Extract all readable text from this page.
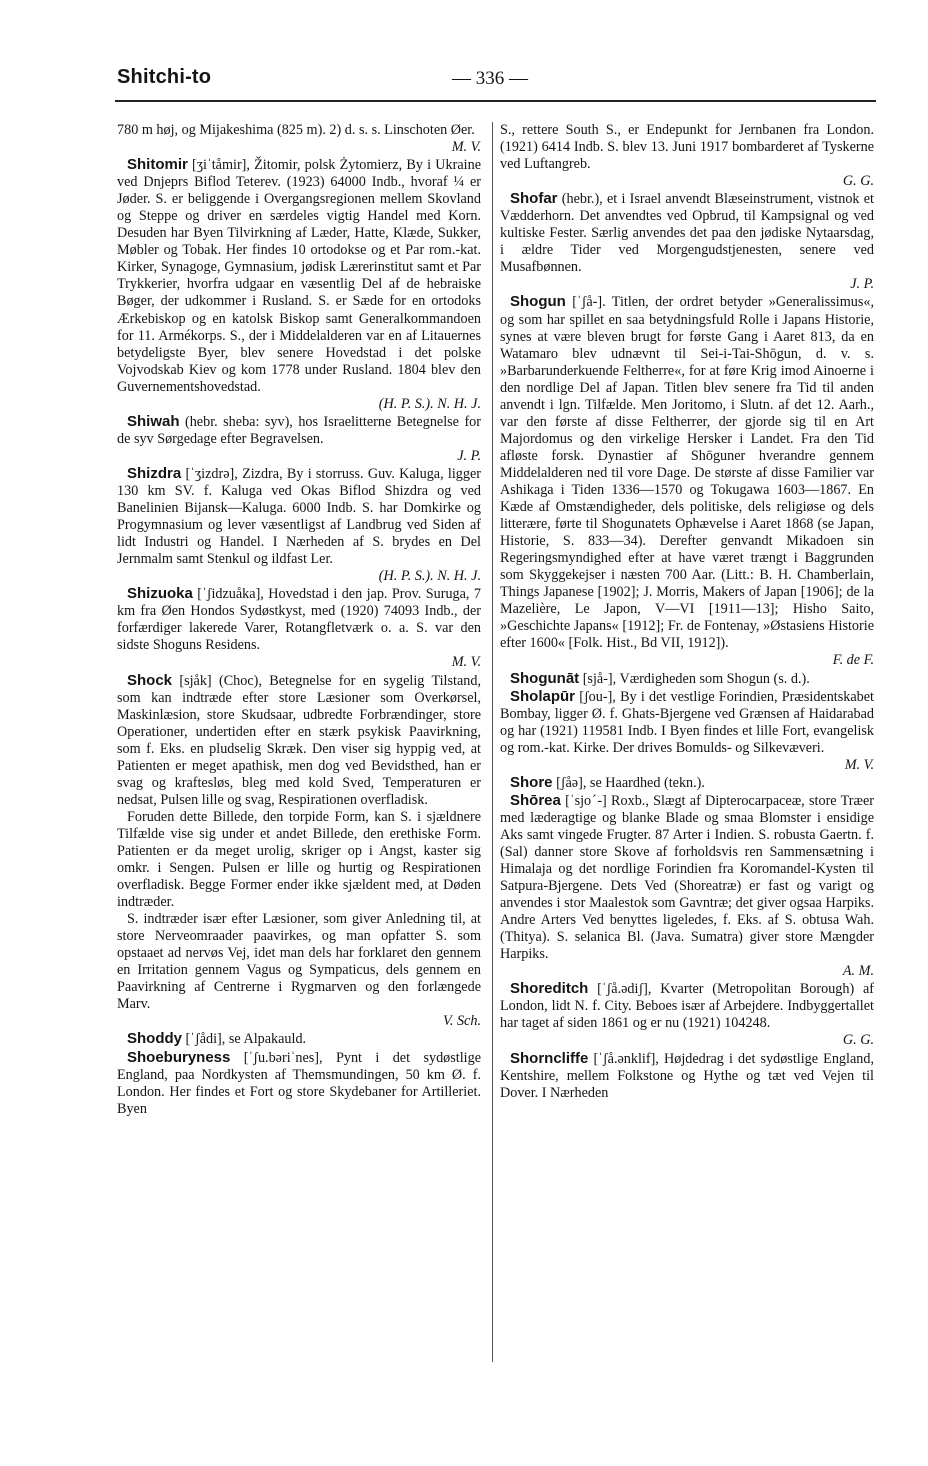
Shitchi-to	— 336 —

780 m høj, og Mijakeshima (825 m). 2) d. s. s. Linschoten Øer.

M. V.

Shitomir [ʒiˈtåmir], Žitomir, polsk Żytomierz, By i Ukraine ved Dnjeprs Biflod Teterev. (1923) 64000 Indb., hvoraf ¼ er Jøder. S. er beliggende i Overgangsregionen mellem Skovland og Steppe og driver en særdeles vigtig Handel med Korn. Desuden har Byen Tilvirkning af Læder, Hatte, Klæde, Sukker, Møbler og Tobak. Her findes 10 ortodokse og et Par rom.-kat. Kirker, Synagoge, Gymnasium, jødisk Lærerinstitut samt et Par Trykkerier, hvorfra udgaar en væsentlig Del af de hebraiske Bøger, der udkommer i Rusland. S. er Sæde for en ortodoks Ærkebiskop og en katolsk Biskop samt Generalkommandoen for 11. Armékorps. S., der i Middelalderen var en af Litauernes betydeligste Byer, blev senere Hovedstad i det polske Vojvodskab Kiev og kom 1778 under Rusland. 1804 blev den Guvernementshovedstad.

(H. P. S.). N. H. J.

Shiwah (hebr. sheba: syv), hos Israelitterne Betegnelse for de syv Sørgedage efter Begravelsen.

J. P.

Shizdra [ˈʒizdrə], Zizdra, By i storruss. Guv. Kaluga, ligger 130 km SV. f. Kaluga ved Okas Biflod Shizdra og ved Banelinien Bijansk—Kaluga. 6000 Indb. S. har Domkirke og Progymnasium og lever væsentligst af Landbrug ved Siden af lidt Industri og Handel. I Nærheden af S. brydes en Del Jernmalm samt Stenkul og ildfast Ler.

(H. P. S.). N. H. J.

Shizuoka [ˈʃidzuåka], Hovedstad i den jap. Prov. Suruga, 7 km fra Øen Hondos Sydøstkyst, med (1920) 74093 Indb., der forfærdiger lakerede Varer, Rotangfletværk o. a. S. var den sidste Shoguns Residens.

M. V.

Shock [sjåk] (Choc), Betegnelse for en sygelig Tilstand, som kan indtræde efter store Læsioner som Overkørsel, Maskinlæsion, store Skudsaar, udbredte Forbrændinger, store Operationer, undertiden efter en stærk psykisk Paavirkning, som f. Eks. en pludselig Skræk. Den viser sig hyppig ved, at Patienten er meget apathisk, men dog ved Bevidsthed, han er svag og kraftesløs, bleg med kold Sved, Temperaturen er nedsat, Pulsen lille og svag, Respirationen overfladisk.

Foruden dette Billede, den torpide Form, kan S. i sjældnere Tilfælde vise sig under et andet Billede, den erethiske Form. Patienten er da meget urolig, skriger op i Angst, kaster sig omkr. i Sengen. Pulsen er lille og hurtig og Respirationen overfladisk. Begge Former ender ikke sjældent med, at Døden indtræder.

S. indtræder især efter Læsioner, som giver Anledning til, at store Nerveomraader paavirkes, og man opfatter S. som opstaaet ad nervøs Vej, idet man dels har forklaret den gennem en Irritation gennem Vagus og Sympaticus, dels gennem en Paavirkning af Centrerne i Rygmarven og den forlængede Marv.

V. Sch.

Shoddy [ˈʃådi], se Alpakauld.

Shoeburyness [ˈʃu.bəriˈnes], Pynt i det sydøstlige England, paa Nordkysten af Themsmundingen, 50 km Ø. f. London. Her findes et Fort og store Skydebaner for Artilleriet. Byen

S., rettere South S., er Endepunkt for Jernbanen fra London. (1921) 6414 Indb. S. blev 13. Juni 1917 bombarderet af Tyskerne ved Luftangreb.

G. G.

Shofar (hebr.), et i Israel anvendt Blæseinstrument, vistnok et Vædderhorn. Det anvendtes ved Opbrud, til Kampsignal og ved kultiske Fester. Særlig anvendes det paa den jødiske Nytaarsdag, i ældre Tider ved Morgengudstjenesten, senere ved Musafbønnen.

J. P.

Shogun [ˈʃå-]. Titlen, der ordret betyder »Generalissimus«, og som har spillet en saa betydningsfuld Rolle i Japans Historie, synes at være bleven brugt for første Gang i Aaret 813, da en Watamaro blev udnævnt til Sei-i-Tai-Shōgun, d. v. s. »Barbarunderkuende Feltherre«, for at føre Krig imod Ainoerne i den nordlige Del af Japan. Titlen blev senere fra Tid til anden anvendt i lgn. Tilfælde. Men Joritomo, i Slutn. af det 12. Aarh., var den første af disse Feltherrer, der gjorde sig til en Art Majordomus og den virkelige Hersker i Landet. Fra den Tid afløste forsk. Dynastier af Shōguner hverandre gennem Middelalderen ned til vore Dage. De største af disse Familier var Ashikaga i Tiden 1336—1570 og Tokugawa 1603—1867. En Kæde af Omstændigheder, dels politiske, dels religiøse og dels litterære, førte til Shogunatets Ophævelse i Aaret 1868 (se Japan, Historie, S. 833—34). Derefter genvandt Mikadoen sin Regeringsmyndighed efter at have været trængt i Baggrunden som Skyggekejser i næsten 700 Aar. (Litt.: B. H. Chamberlain, Things Japanese [1902]; J. Morris, Makers of Japan [1906]; de la Mazelière, Le Japon, V—VI [1911—13]; Hisho Saito, »Geschichte Japans« [1912]; Fr. de Fontenay, »Østasiens Historie efter 1600« [Folk. Hist., Bd VII, 1912]).

F. de F.

Shogunāt [sjå-], Værdigheden som Shogun (s. d.).

Sholapūr [ʃou-], By i det vestlige Forindien, Præsidentskabet Bombay, ligger Ø. f. Ghats-Bjergene ved Grænsen af Haidarabad og har (1921) 119581 Indb. I Byen findes et lille Fort, evangelisk og rom.-kat. Kirke. Der drives Bomulds- og Silkevæveri.

M. V.

Shore [ʃåə], se Haardhed (tekn.).

Shōrea [ˈsjoˊ-] Roxb., Slægt af Dipterocarpaceæ, store Træer med læderagtige og blanke Blade og smaa Blomster i ensidige Aks samt vingede Frugter. 87 Arter i Indien. S. robusta Gaertn. f. (Sal) danner store Skove af forholdsvis ren Sammensætning i Himalaja og det nordlige Forindien fra Koromandel-Kysten til Satpura-Bjergene. Dets Ved (Shoreatræ) er fast og varigt og anvendes i stor Maalestok som Gavntræ; det giver ogsaa Harpiks. Andre Arters Ved benyttes ligeledes, f. Eks. af S. obtusa Wah. (Thitya). S. selanica Bl. (Java. Sumatra) giver store Mængder Harpiks.

A. M.

Shoreditch [ˈʃå.ədiʃ], Kvarter (Metropolitan Borough) af London, lidt N. f. City. Beboes især af Arbejdere. Indbyggertallet har taget af siden 1861 og er nu (1921) 104248.

G. G.

Shorncliffe [ˈʃå.ənklif], Højdedrag i det sydøstlige England, Kentshire, mellem Folkstone og Hythe og tæt ved Vejen til Dover. I Nærheden
